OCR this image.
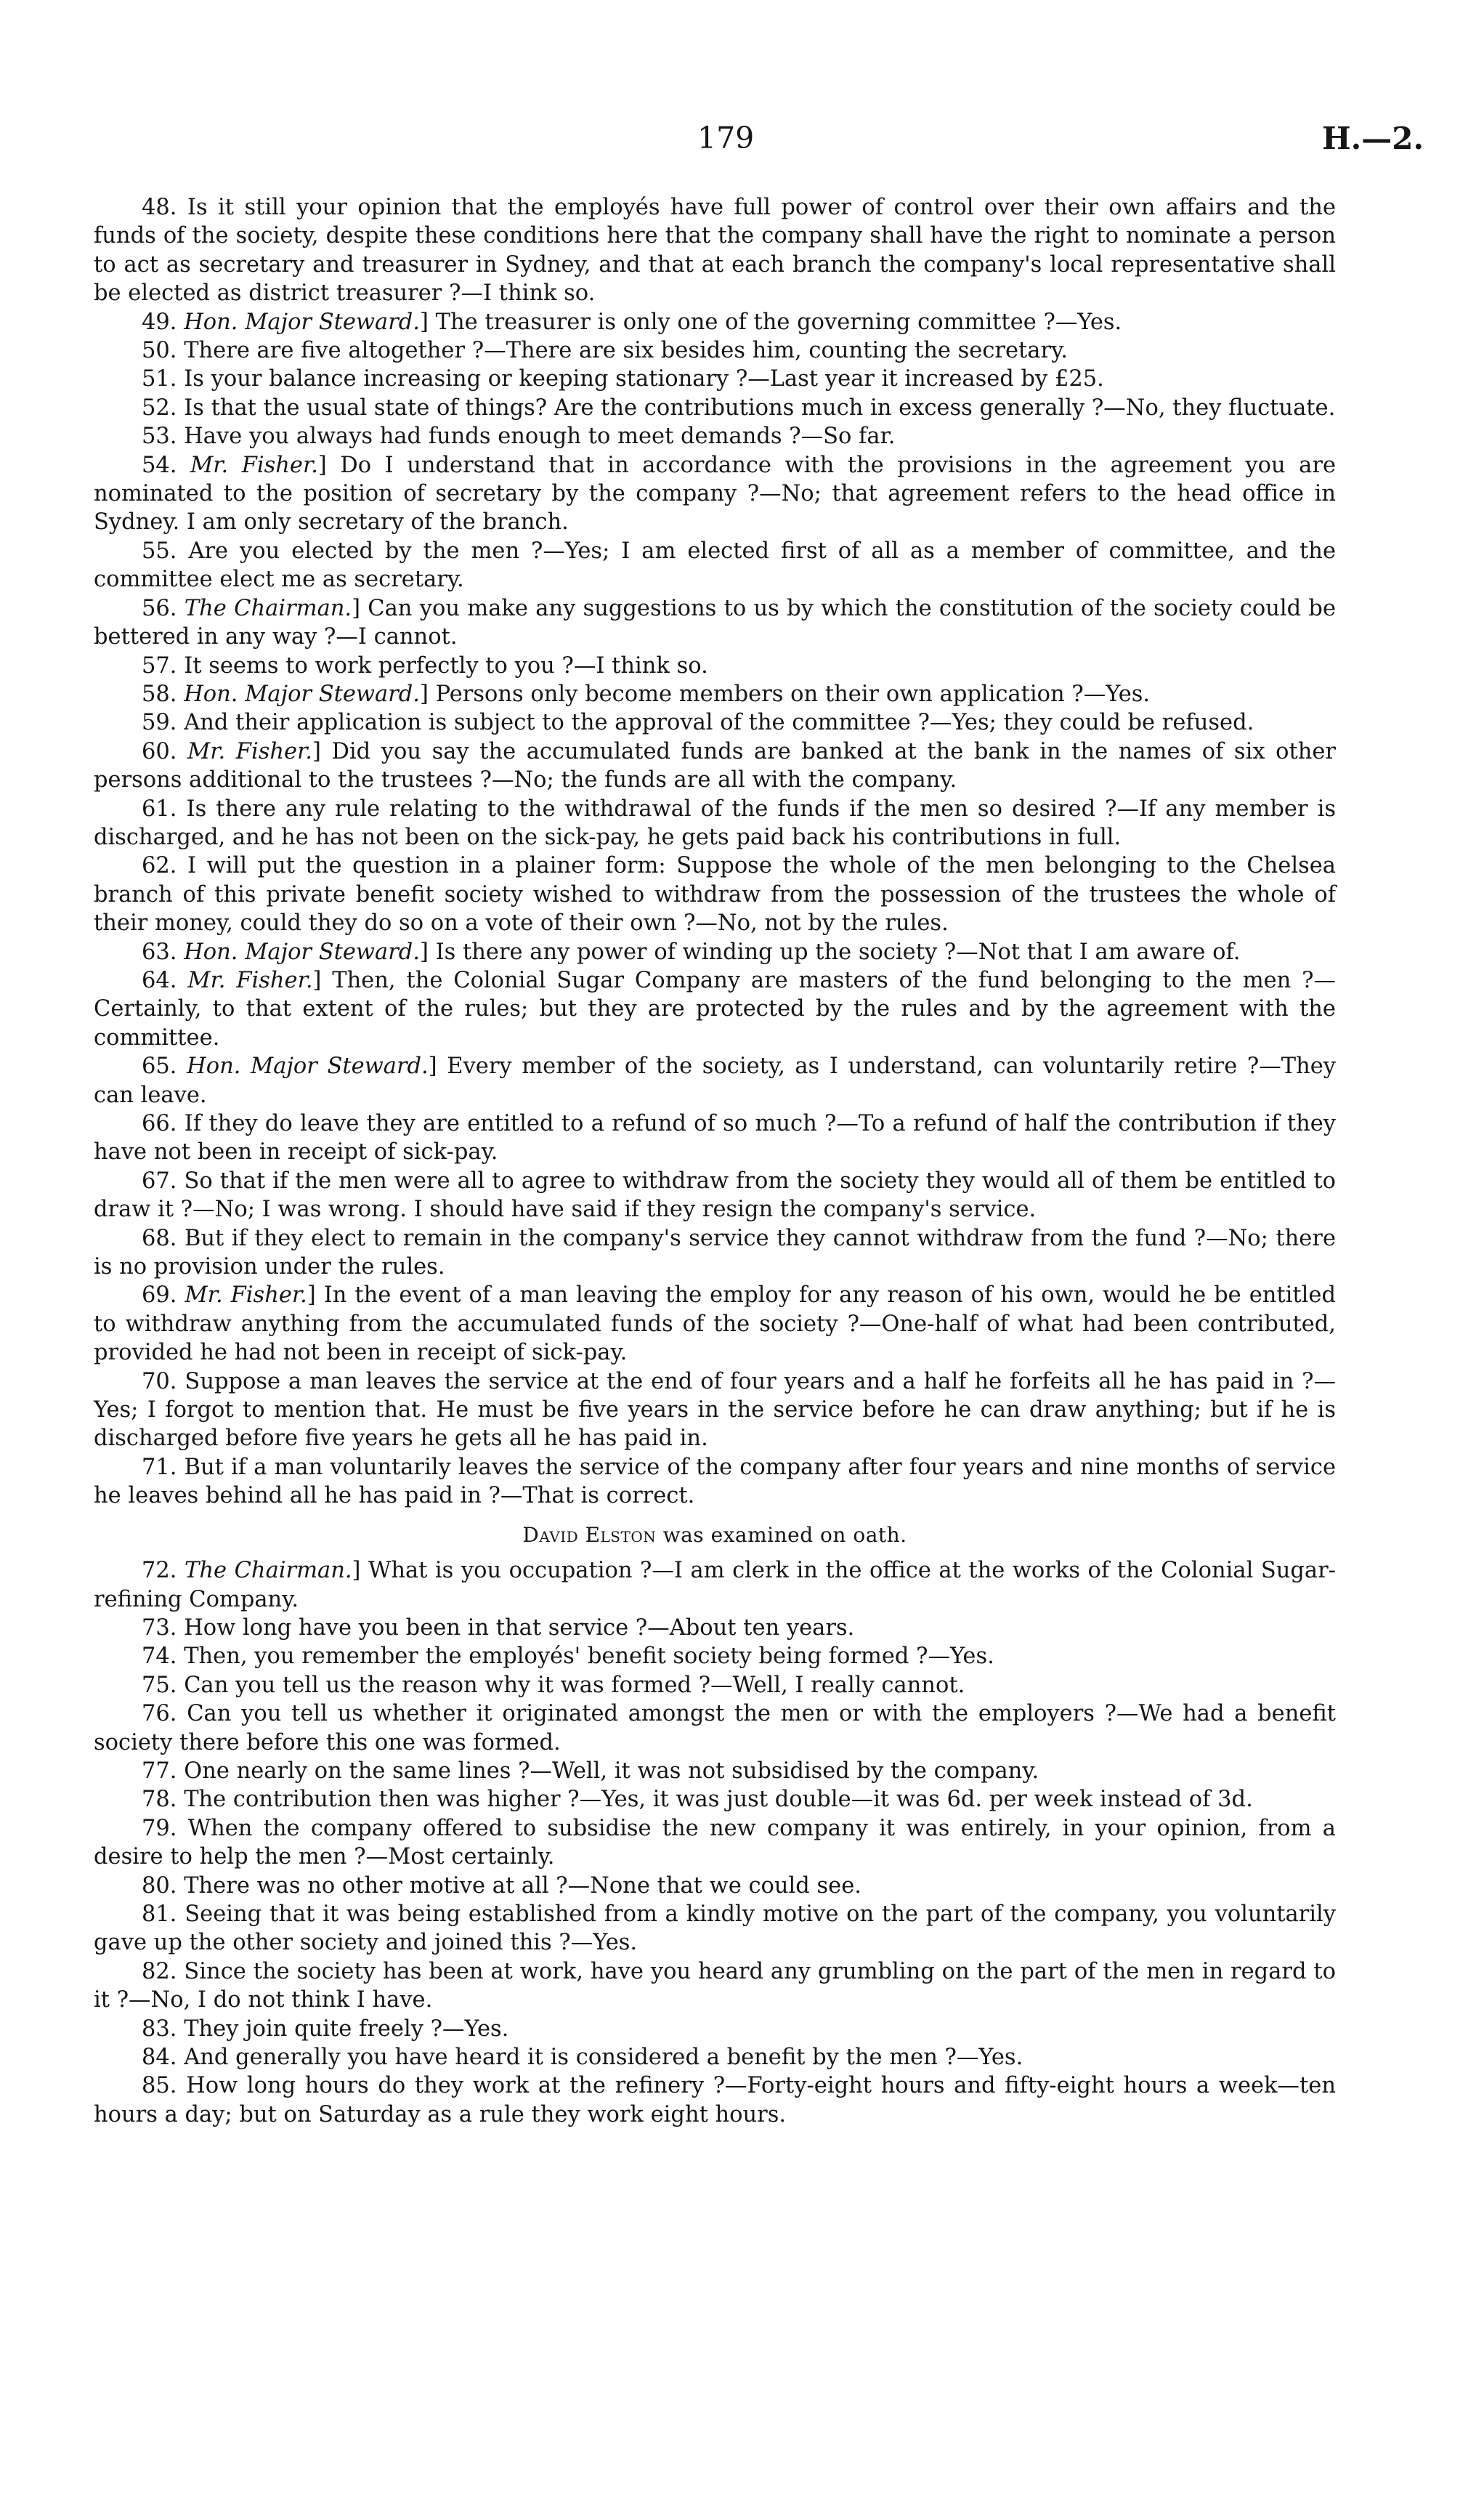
179	H.—2.

48. Is it still your opinion that the employés have full power of control over their own affairs and the funds of the society, despite these conditions here that the company shall have the right to nominate a person to act as secretary and treasurer in Sydney, and that at each branch the company's local representative shall be elected as district treasurer ?—I think so.

49. Hon. Major Steward.] The treasurer is only one of the governing committee ?—Yes.

50. There are five altogether ?—There are six besides him, counting the secretary.

51. Is your balance increasing or keeping stationary ?—Last year it increased by £25.

52. Is that the usual state of things? Are the contributions much in excess generally ?—No, they fluctuate.

53. Have you always had funds enough to meet demands ?—So far.

54. Mr. Fisher.] Do I understand that in accordance with the provisions in the agreement you are nominated to the position of secretary by the company ?—No; that agreement refers to the head office in Sydney. I am only secretary of the branch.

55. Are you elected by the men ?—Yes; I am elected first of all as a member of committee, and the committee elect me as secretary.

56. The Chairman.] Can you make any suggestions to us by which the constitution of the society could be bettered in any way ?—I cannot.

57. It seems to work perfectly to you ?—I think so.

58. Hon. Major Steward.] Persons only become members on their own application ?—Yes.

59. And their application is subject to the approval of the committee ?—Yes; they could be refused.

60. Mr. Fisher.] Did you say the accumulated funds are banked at the bank in the names of six other persons additional to the trustees ?—No; the funds are all with the company.

61. Is there any rule relating to the withdrawal of the funds if the men so desired ?—If any member is discharged, and he has not been on the sick-pay, he gets paid back his contributions in full.

62. I will put the question in a plainer form: Suppose the whole of the men belonging to the Chelsea branch of this private benefit society wished to withdraw from the possession of the trustees the whole of their money, could they do so on a vote of their own ?—No, not by the rules.

63. Hon. Major Steward.] Is there any power of winding up the society ?—Not that I am aware of.

64. Mr. Fisher.] Then, the Colonial Sugar Company are masters of the fund belonging to the men ?—Certainly, to that extent of the rules; but they are protected by the rules and by the agreement with the committee.

65. Hon. Major Steward.] Every member of the society, as I understand, can voluntarily retire ?—They can leave.

66. If they do leave they are entitled to a refund of so much ?—To a refund of half the contribution if they have not been in receipt of sick-pay.

67. So that if the men were all to agree to withdraw from the society they would all of them be entitled to draw it ?—No; I was wrong. I should have said if they resign the company's service.

68. But if they elect to remain in the company's service they cannot withdraw from the fund ?—No; there is no provision under the rules.

69. Mr. Fisher.] In the event of a man leaving the employ for any reason of his own, would he be entitled to withdraw anything from the accumulated funds of the society ?—One-half of what had been contributed, provided he had not been in receipt of sick-pay.

70. Suppose a man leaves the service at the end of four years and a half he forfeits all he has paid in ?—Yes; I forgot to mention that. He must be five years in the service before he can draw anything; but if he is discharged before five years he gets all he has paid in.

71. But if a man voluntarily leaves the service of the company after four years and nine months of service he leaves behind all he has paid in ?—That is correct.

David Elston was examined on oath.

72. The Chairman.] What is you occupation ?—I am clerk in the office at the works of the Colonial Sugar-refining Company.

73. How long have you been in that service ?—About ten years.

74. Then, you remember the employés' benefit society being formed ?—Yes.

75. Can you tell us the reason why it was formed ?—Well, I really cannot.

76. Can you tell us whether it originated amongst the men or with the employers ?—We had a benefit society there before this one was formed.

77. One nearly on the same lines ?—Well, it was not subsidised by the company.

78. The contribution then was higher ?—Yes, it was just double—it was 6d. per week instead of 3d.

79. When the company offered to subsidise the new company it was entirely, in your opinion, from a desire to help the men ?—Most certainly.

80. There was no other motive at all ?—None that we could see.

81. Seeing that it was being established from a kindly motive on the part of the company, you voluntarily gave up the other society and joined this ?—Yes.

82. Since the society has been at work, have you heard any grumbling on the part of the men in regard to it ?—No, I do not think I have.

83. They join quite freely ?—Yes.

84. And generally you have heard it is considered a benefit by the men ?—Yes.

85. How long hours do they work at the refinery ?—Forty-eight hours and fifty-eight hours a week—ten hours a day; but on Saturday as a rule they work eight hours.
